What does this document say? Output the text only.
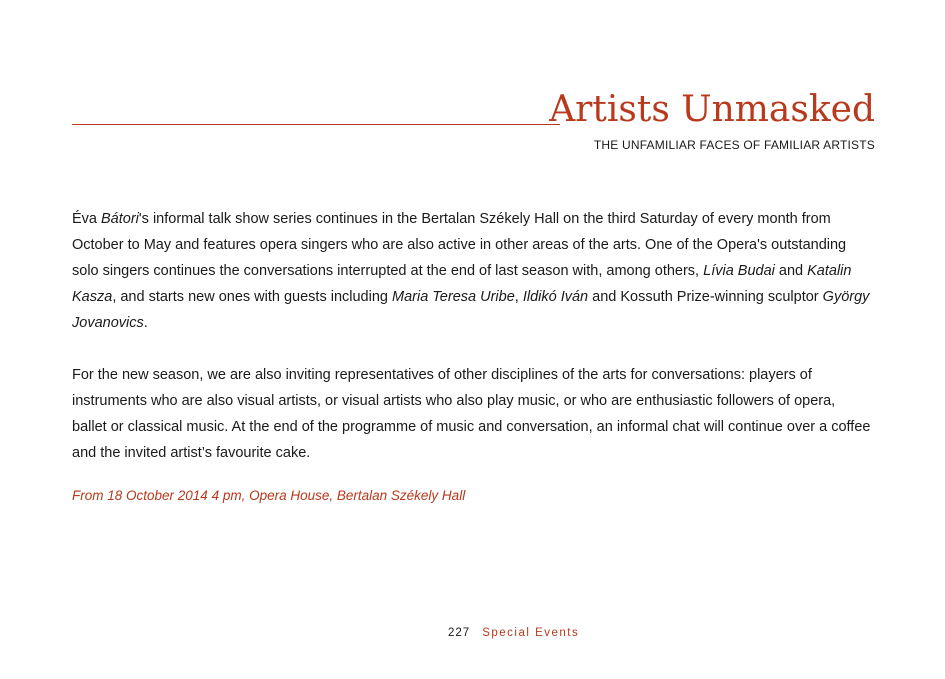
Artists Unmasked
THE UNFAMILIAR FACES OF FAMILIAR ARTISTS

Éva Bátori's informal talk show series continues in the Bertalan Székely Hall on the third Saturday of every month from October to May and features opera singers who are also active in other areas of the arts. One of the Opera's outstanding solo singers continues the conversations interrupted at the end of last season with, among others, Lívia Budai and Katalin Kasza, and starts new ones with guests including Maria Teresa Uribe, Ildikó Iván and Kossuth Prize-winning sculptor György Jovanovics.

For the new season, we are also inviting representatives of other disciplines of the arts for conversations: players of instruments who are also visual artists, or visual artists who also play music, or who are enthusiastic followers of opera, ballet or classical music. At the end of the programme of music and conversation, an informal chat will continue over a coffee and the invited artist’s favourite cake.

From 18 October 2014 4 pm, Opera House, Bertalan Székely Hall
227 Special Events
